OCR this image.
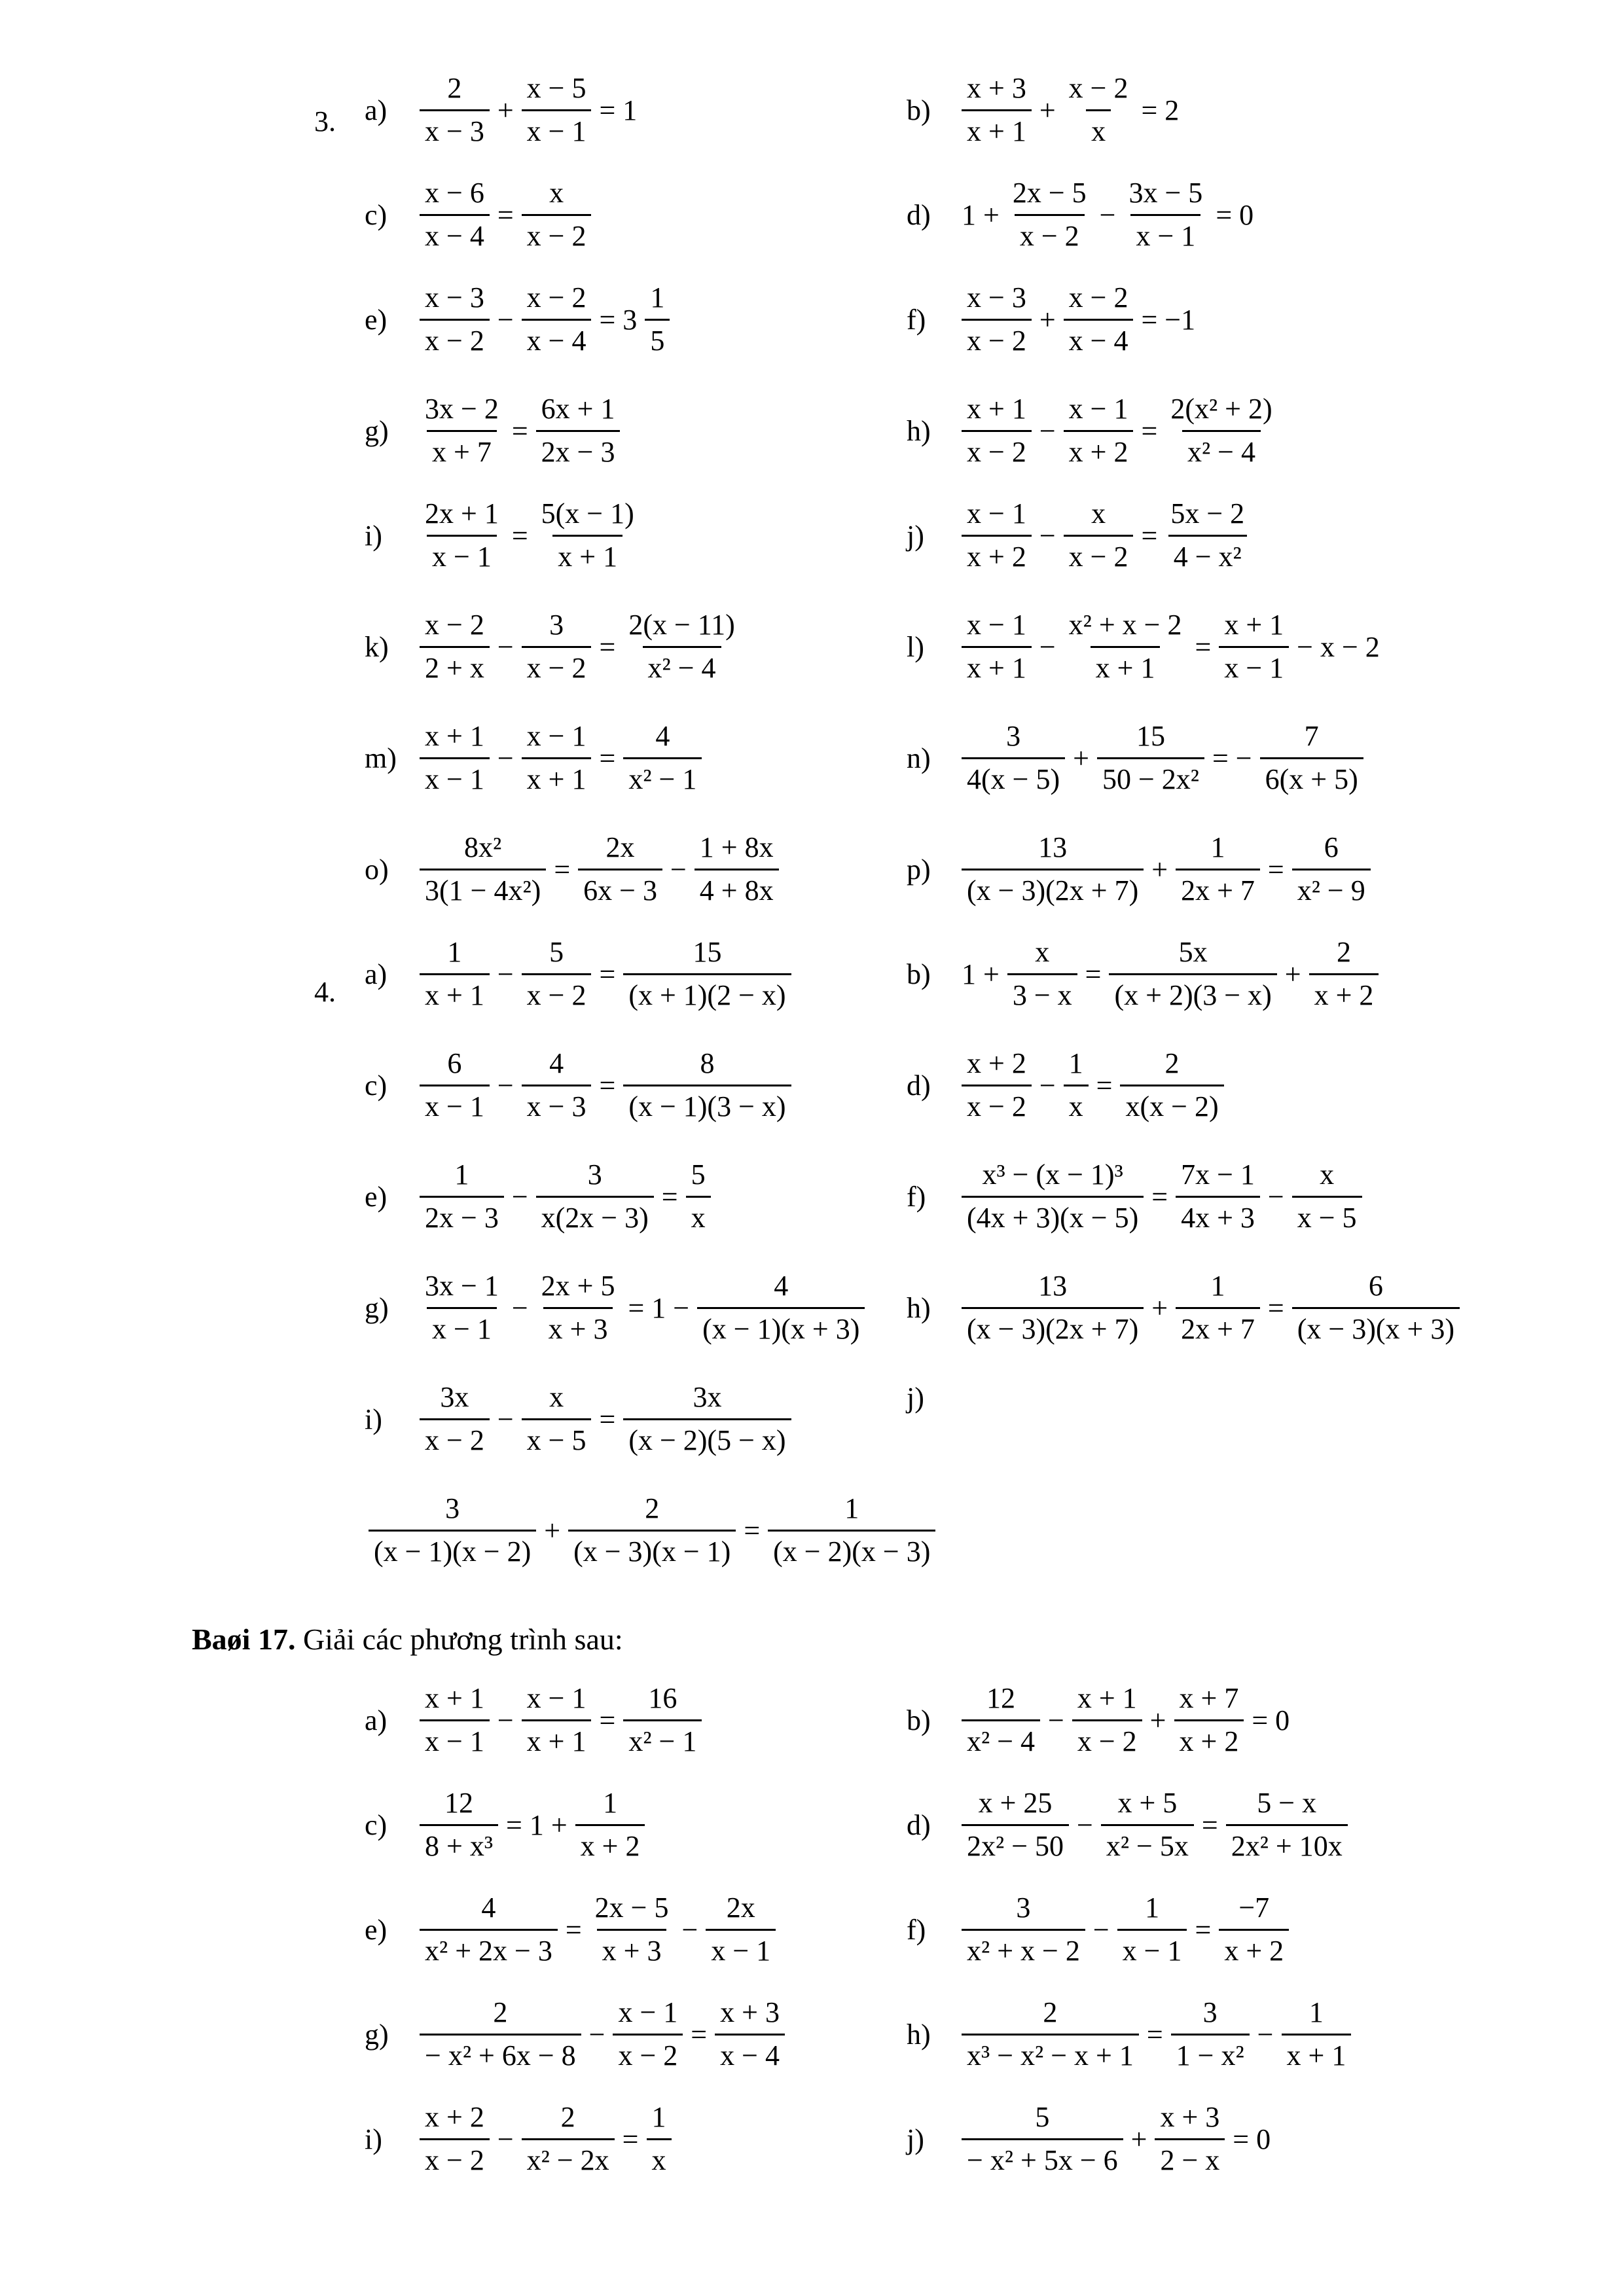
3.
4.
Baøi 17. Giải các phương trình sau:
a)	$\frac{2}{x - 3} + \frac{x - 5}{x - 1} = 1$	b)	$\frac{x + 3}{x + 1} + \frac{x - 2}{x} = 2$
c)	$\frac{x - 6}{x - 4} = \frac{x}{x - 2}$	d)	$1 + \frac{2x - 5}{x - 2} - \frac{3x - 5}{x - 1} = 0$
e)	$\frac{x - 3}{x - 2} - \frac{x - 2}{x - 4} = 3 \frac{1}{5}$	f)	$\frac{x - 3}{x - 2} + \frac{x - 2}{x - 4} = -1$
g)	$\frac{3x - 2}{x + 7} = \frac{6x + 1}{2x - 3}$	h)	$\frac{x + 1}{x - 2} - \frac{x - 1}{x + 2} = \frac{\text{2(x² + 2)}}{\text{x² − 4}}$
i)	$\frac{2x + 1}{x - 1} = \frac{5(x - 1)}{x + 1}$	j)	$\frac{x - 1}{x + 2} - \frac{x}{x - 2} = \frac{5x - 2}{\text{4 − x²}}$
k)	$\frac{x - 2}{2 + x} - \frac{3}{x - 2} = \frac{2(x - 11)}{\text{x² − 4}}$	l)	$\frac{x - 1}{x + 1} - \frac{\text{x² + x − 2}}{x + 1} = \frac{x + 1}{x - 1} - x - 2$
$m) \frac{x + 1}{x - 1} - \frac{x - 1}{x + 1} = \frac{4}{\text{x² − 1}}$	n)	$\frac{3}{4(x - 5)} + \frac{15}{\text{50 − 2x²}}$ = − $\frac{7}{6(x + 5)}$
o)	$\frac{\text{8x²}}{\text{3(1 − 4x²)}} = \frac{2x}{6x - 3} - \frac{1 + 8x}{4 + 8x}$	p)	$\frac{13}{(x - 3)(2x + 7)} + \frac{1}{2x + 7} = \frac{6}{\text{x² − 9}}$
a)	$\frac{1}{x + 1} - \frac{5}{x - 2} = \frac{15}{(x + 1)(2 - x)}$	b)	$1 + \frac{x}{3 - x} = \frac{5x}{(x + 2)(3 - x)} + \frac{2}{x + 2}$
c)	$\frac{6}{x - 1} - \frac{4}{x - 3} = \frac{8}{(x - 1)(3 - x)}$	d)	$\frac{x + 2}{x - 2} - \frac{1}{x} = \frac{2}{x(x - 2)}$
e)	$\frac{1}{2x - 3} - \frac{3}{x(2x - 3)} = \frac{5}{x}$	f)	$\frac{\text{x³ − (x − 1)³}}{(4x + 3)(x - 5)} = \frac{7x - 1}{4x + 3} - \frac{x}{x - 5}$
g)	$\frac{3x - 1}{x - 1} - \frac{2x + 5}{x + 3} = 1 - \frac{4}{(x - 1)(x + 3)} h$)	$\frac{13}{(x - 3)(2x + 7)} + \frac{1}{2x + 7} = \frac{6}{(x - 3)(x + 3)}$
i)	$\frac{3x}{x - 2} - \frac{x}{x - 5} = \frac{3x}{(x - 2)(5 - x)}$	j)
a)	$\frac{x + 1}{x - 1} - \frac{x - 1}{x + 1} = \frac{16}{\text{x² − 1}}$	b)	$\frac{12}{\text{x² − 4}} - \frac{x + 1}{x - 2} + \frac{x + 7}{x + 2} = 0$
c)	$\frac{12}{\text{8 + x³}} = 1 + \frac{1}{x + 2}$	d)	$\frac{x + 25}{\text{2x² − 50}} - \frac{x + 5}{\text{x² − 5x}} = \frac{5 - x}{\text{2x² + 10x}}$
e)	$\frac{4}{\text{x² + 2x − 3}} = \frac{2x - 5}{x + 3} - \frac{2x}{x - 1}$	f)	$\frac{3}{\text{x² + x − 2}} - \frac{1}{x - 1} = \frac{-7}{x + 2}$
g)	$\frac{2}{\text{− x² + 6x − 8}} - \frac{x - 1}{x - 2} = \frac{x + 3}{x - 4}$	h)	$\frac{2}{\text{x³ − x² − x + 1}} = \frac{3}{\text{1 − x²}} - \frac{1}{x + 1}$
i)	$\frac{x + 2}{x - 2} - \frac{2}{\text{x² − 2x}} = \frac{1}{x}$	j)	$\frac{5}{\text{− x² + 5x − 6}} + \frac{x + 3}{2 - x} = 0$
$\frac{3}{(x - 1)(x - 2)} + \frac{2}{(x - 3)(x - 1)} = \frac{1}{(x - 2)(x - 3)}$
